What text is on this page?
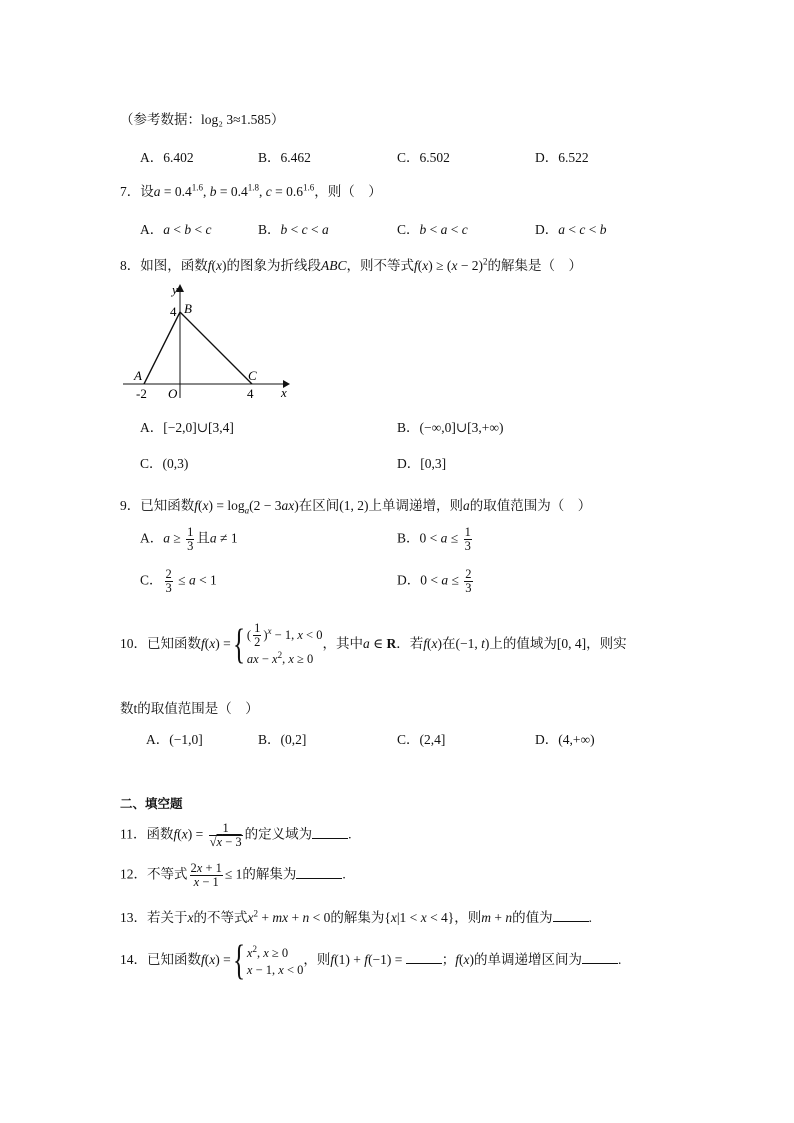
（参考数据：log₂ 3≈1.585）
A．6.402	B．6.462	C．6.502	D．6.522
7．设$a = 0.4^{1.6}$, $b = 0.4^{1.8}$, $c = 0.6^{1.6}$，则（　）
A．a < b < c	B．b < c < a	C．b < a < c	D．a < c < b
8．如图，函数f(x)的图象为折线段ABC，则不等式$f(x) \ge (x - 2)^2$的解集是（　）
y
x
4 B
A	C
-2 O	4
A．[−2,0]∪[3,4]	B．(−∞,0]∪[3,+∞)
C．(0,3)	D．[0,3]
9．已知函数$f(x) = \log_a(2 - 3ax)$在区间(1, 2)上单调递增，则a的取值范围为（　）
A．$a \ge \frac{1}{3}$ 且a ≠ 1	B．$0 < a \le \frac{1}{3}$
C． $\frac{2}{3} \le a < 1$	D．$0 < a \le \frac{2}{3}$
10．已知函数f(x) ={ ( $\frac{1}{2} )^x - 1$, x < 0
ax − $x^2$, x ≥ 0，其中a ∈ R．若f(x)在(−1, t)上的值域为[0, 4]，则实
数t的取值范围是（　）
A．(−1,0]	B．(0,2]	C．(2,4]	D．(4,+∞)
二、填空题
11．函数$f(x) = \frac{1}{√x - 3}$ 的定义域为	.
12．不等式 $\frac{2x + 1}{x - 1} \le 1$的解集为	.
13．若关于x的不等式$x^2$ + mx + n < 0的解集为{x|1 < x < 4}，则m + n的值为	.
14．已知函数f(x) ={ $x^2$, x ≥ 0
x − 1, x < 0，则f(1) + f(−1) =	；f(x)的单调递增区间为	.
